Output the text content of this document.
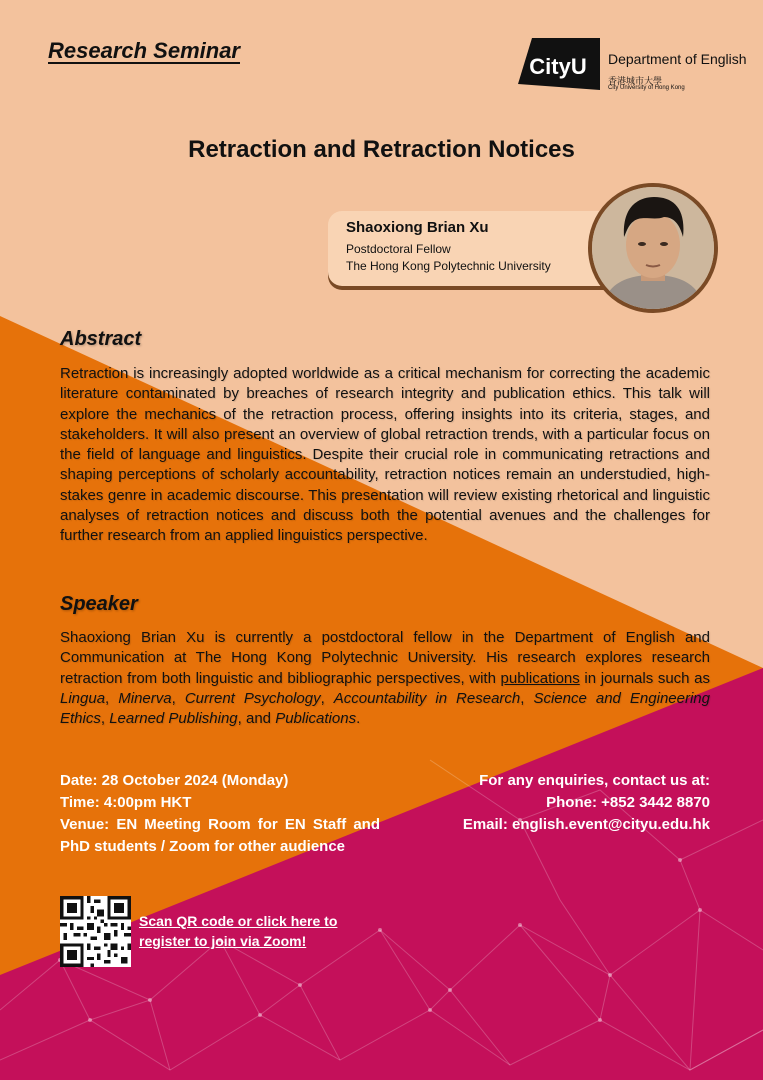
Research Seminar
CityU Department of English
香港城市大學
City University of Hong Kong
Retraction and Retraction Notices
Shaoxiong Brian Xu
Postdoctoral Fellow
The Hong Kong Polytechnic University
Abstract
Retraction is increasingly adopted worldwide as a critical mechanism for correcting the academic literature contaminated by breaches of research integrity and publication ethics. This talk will explore the mechanics of the retraction process, offering insights into its criteria, stages, and stakeholders. It will also present an overview of global retraction trends, with a particular focus on the field of language and linguistics. Despite their crucial role in communicating retractions and shaping perceptions of scholarly accountability, retraction notices remain an understudied, high-stakes genre in academic discourse. This presentation will review existing rhetorical and linguistic analyses of retraction notices and discuss both the potential avenues and the challenges for further research from an applied linguistics perspective.
Speaker
Shaoxiong Brian Xu is currently a postdoctoral fellow in the Department of English and Communication at The Hong Kong Polytechnic University. His research explores research retraction from both linguistic and bibliographic perspectives, with publications in journals such as Lingua, Minerva, Current Psychology, Accountability in Research, Science and Engineering Ethics, Learned Publishing, and Publications.
Date: 28 October 2024 (Monday)
Time: 4:00pm HKT
Venue: EN Meeting Room for EN Staff and PhD students / Zoom for other audience
For any enquiries, contact us at:
Phone: +852 3442 8870
Email: english.event@cityu.edu.hk
Scan QR code or click here to register to join via Zoom!
